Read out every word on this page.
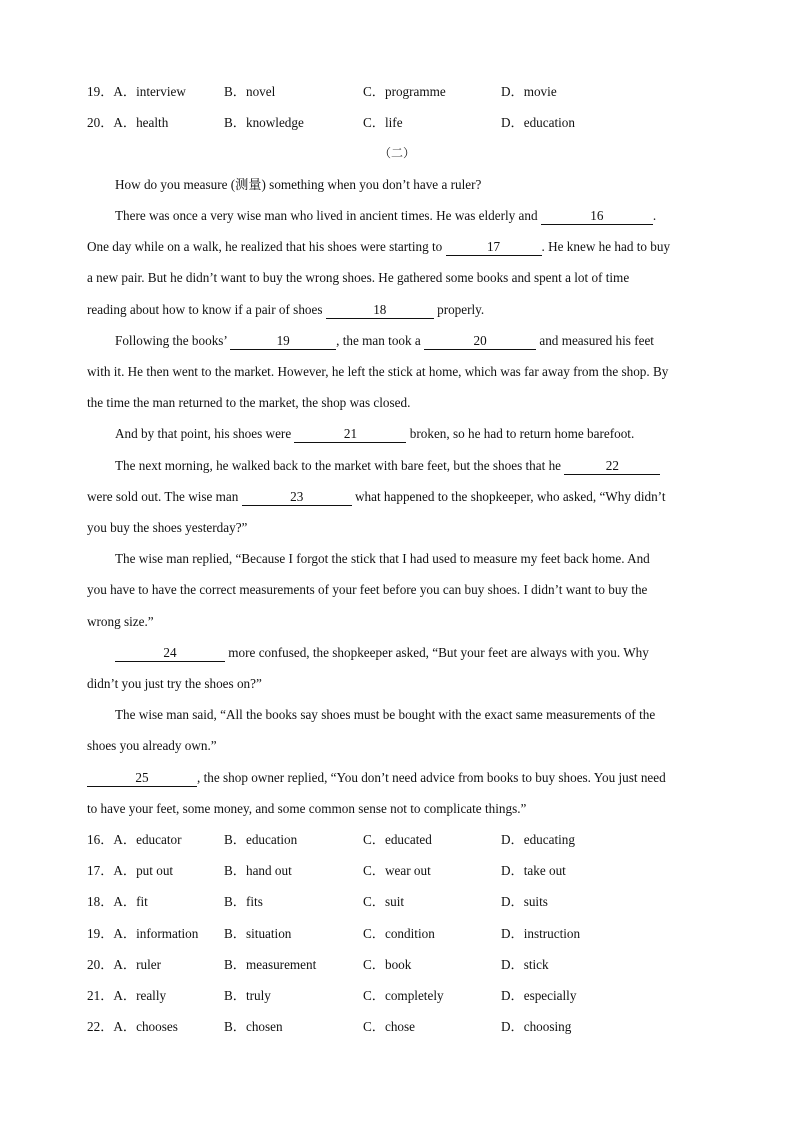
19．A．interview	B．novel	C．programme	D．movie
20．A．health	B．knowledge	C．life	D．education
（二）
How do you measure (测量) something when you don’t have a ruler?
There was once a very wise man who lived in ancient times. He was elderly and	16	.
One day while on a walk, he realized that his shoes were starting to	17	. He knew he had to buy
a new pair. But he didn’t want to buy the wrong shoes. He gathered some books and spent a lot of time
reading about how to know if a pair of shoes	18	properly.
Following the books’	19	, the man took a	20	and measured his feet
with it. He then went to the market. However, he left the stick at home, which was far away from the shop. By
the time the man returned to the market, the shop was closed.
And by that point, his shoes were	21	broken, so he had to return home barefoot.
The next morning, he walked back to the market with bare feet, but the shoes that he	22
were sold out. The wise man	23	what happened to the shopkeeper, who asked, “Why didn’t
you buy the shoes yesterday?”
The wise man replied, “Because I forgot the stick that I had used to measure my feet back home. And
you have to have the correct measurements of your feet before you can buy shoes. I didn’t want to buy the
wrong size.”
24	more confused, the shopkeeper asked, “But your feet are always with you. Why
didn’t you just try the shoes on?”
The wise man said, “All the books say shoes must be bought with the exact same measurements of the
shoes you already own.”
25	, the shop owner replied, “You don’t need advice from books to buy shoes. You just need
to have your feet, some money, and some common sense not to complicate things.”
16．A．educator	B．education	C．educated	D．educating
17．A．put out	B．hand out	C．wear out	D．take out
18．A．fit	B．fits	C．suit	D．suits
19．A．information B．situation	C．condition	D．instruction
20．A．ruler	B．measurement	C．book	D．stick
21．A．really	B．truly	C．completely	D．especially
22．A．chooses	B．chosen	C．chose	D．choosing
